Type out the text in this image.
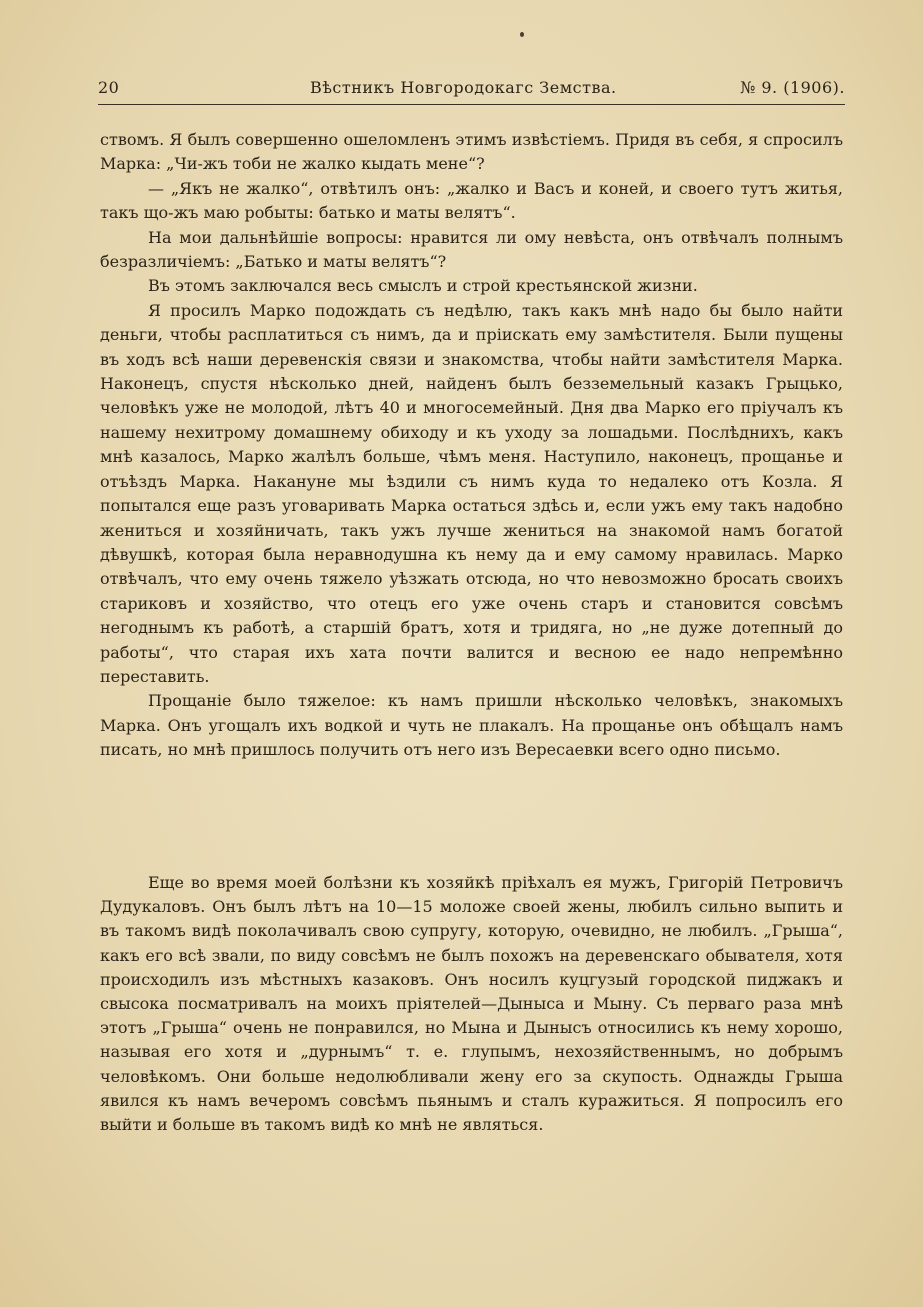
20	Вѣстникъ Новгородокагс Земства.	№ 9. (1906).

ствомъ. Я былъ совершенно ошеломленъ этимъ извѣстіемъ. Придя въ себя, я спросилъ Марка: „Чи-жъ тоби не жалко кыдать мене“?

— „Якъ не жалко“, отвѣтилъ онъ: „жалко и Васъ и коней, и своего тутъ житья, такъ що-жъ маю робыты: батько и маты велятъ“.

На мои дальнѣйшіе вопросы: нравится ли ому невѣста, онъ отвѣчалъ полнымъ безразличіемъ: „Батько и маты велятъ“?

Въ этомъ заключался весь смыслъ и строй крестьянской жизни.

Я просилъ Марко подождать съ недѣлю, такъ какъ мнѣ надо бы было найти деньги, чтобы расплатиться съ нимъ, да и пріискать ему замѣстителя. Были пущены въ ходъ всѣ наши деревенскія связи и знакомства, чтобы найти замѣстителя Марка. Наконецъ, спустя нѣсколько дней, найденъ былъ безземельный казакъ Грыцько, человѣкъ уже не молодой, лѣтъ 40 и многосемейный. Дня два Марко его пріучалъ къ нашему нехитрому домашнему обиходу и къ уходу за лошадьми. Послѣднихъ, какъ мнѣ казалось, Марко жалѣлъ больше, чѣмъ меня. Наступило, наконецъ, прощанье и отъѣздъ Марка. Накануне мы ѣздили съ нимъ куда то недалеко отъ Козла. Я попытался еще разъ уговаривать Марка остаться здѣсь и, если ужъ ему такъ надобно жениться и хозяйничать, такъ ужъ лучше жениться на знакомой намъ богатой дѣвушкѣ, которая была неравнодушна къ нему да и ему самому нравилась. Марко отвѣчалъ, что ему очень тяжело уѣзжать отсюда, но что невозможно бросать своихъ стариковъ и хозяйство, что отецъ его уже очень старъ и становится совсѣмъ негоднымъ къ работѣ, а старшій братъ, хотя и тридяга, но „не дуже дотепный до работы“, что старая ихъ хата почти валится и весною ее надо непремѣнно переставить.

Прощаніе было тяжелое: къ намъ пришли нѣсколько человѣкъ, знакомыхъ Марка. Онъ угощалъ ихъ водкой и чуть не плакалъ. На прощанье онъ обѣщалъ намъ писать, но мнѣ пришлось получить отъ него изъ Вересаевки всего одно письмо.

Еще во время моей болѣзни къ хозяйкѣ пріѣхалъ ея мужъ, Григорій Петровичъ Дудукаловъ. Онъ былъ лѣтъ на 10—15 моложе своей жены, любилъ сильно выпить и въ такомъ видѣ поколачивалъ свою супругу, которую, очевидно, не любилъ. „Грыша“, какъ его всѣ звали, по виду совсѣмъ не былъ похожъ на деревенскаго обывателя, хотя происходилъ изъ мѣстныхъ казаковъ. Онъ носилъ куцгузый городской пиджакъ и свысока посматривалъ на моихъ пріятелей—Дыныса и Мыну. Съ перваго раза мнѣ этотъ „Грыша“ очень не понравился, но Мына и Дынысъ относились къ нему хорошо, называя его хотя и „дурнымъ“ т. е. глупымъ, нехозяйственнымъ, но добрымъ человѣкомъ. Они больше недолюбливали жену его за скупость. Однажды Грыша явился къ намъ вечеромъ совсѣмъ пьянымъ и сталъ куражиться. Я попросилъ его выйти и больше въ такомъ видѣ ко мнѣ не являться.
